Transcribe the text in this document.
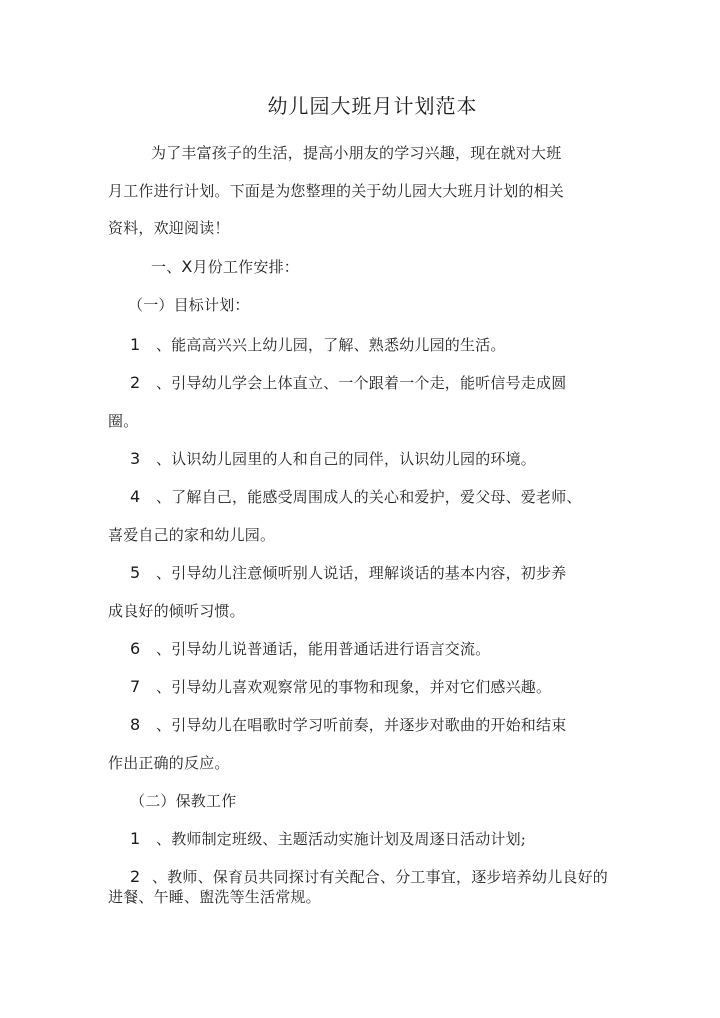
幼儿园大班月计划范本
为了丰富孩子的生活，提高小朋友的学习兴趣，现在就对大班
月工作进行计划。下面是为您整理的关于幼儿园大大班月计划的相关
资料，欢迎阅读！
一、X月份工作安排：
（一）目标计划：
1 、能高高兴兴上幼儿园，了解、熟悉幼儿园的生活。
2 、引导幼儿学会上体直立、一个跟着一个走，能听信号走成圆
圈。
3 、认识幼儿园里的人和自己的同伴，认识幼儿园的环境。
4 、了解自己，能感受周围成人的关心和爱护，爱父母、爱老师、
喜爱自己的家和幼儿园。
5 、引导幼儿注意倾听别人说话，理解谈话的基本内容，初步养
成良好的倾听习惯。
6 、引导幼儿说普通话，能用普通话进行语言交流。
7 、引导幼儿喜欢观察常见的事物和现象，并对它们感兴趣。
8 、引导幼儿在唱歌时学习听前奏，并逐步对歌曲的开始和结束
作出正确的反应。
（二）保教工作
1 、教师制定班级、主题活动实施计划及周逐日活动计划;
2 、教师、保育员共同探讨有关配合、分工事宜，逐步培养幼儿良好的
进餐、午睡、盥洗等生活常规。
